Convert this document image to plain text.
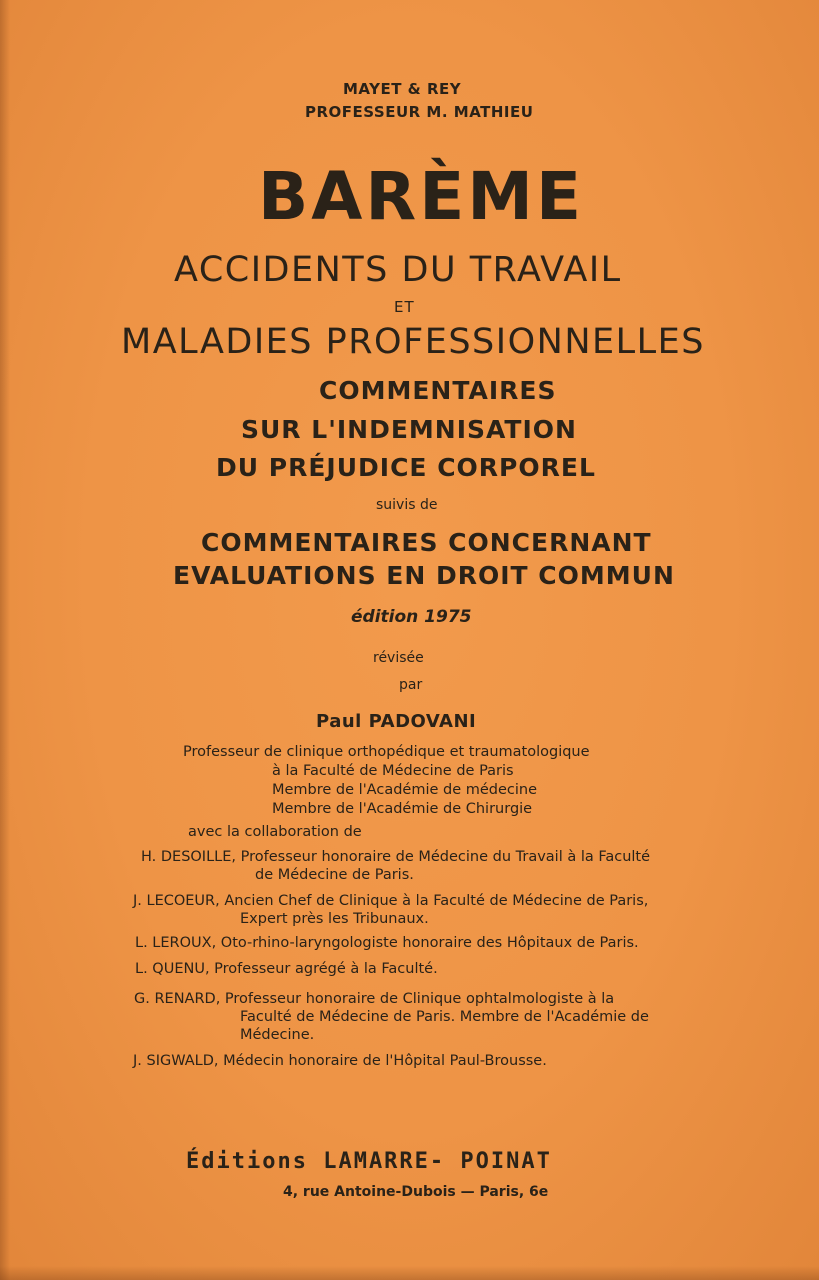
MAYET & REY
PROFESSEUR M. MATHIEU
BARÈME
ACCIDENTS DU TRAVAIL
ET
MALADIES PROFESSIONNELLES
COMMENTAIRES
SUR L'INDEMNISATION
DU PRÉJUDICE CORPOREL
suivis de
COMMENTAIRES CONCERNANT
EVALUATIONS EN DROIT COMMUN
édition 1975
révisée
par
Paul PADOVANI
Professeur de clinique orthopédique et traumatologique
à la Faculté de Médecine de Paris
Membre de l'Académie de médecine
Membre de l'Académie de Chirurgie
avec la collaboration de
H. DESOILLE, Professeur honoraire de Médecine du Travail à la Faculté
de Médecine de Paris.
J. LECOEUR, Ancien Chef de Clinique à la Faculté de Médecine de Paris,
Expert près les Tribunaux.
L. LEROUX, Oto-rhino-laryngologiste honoraire des Hôpitaux de Paris.
L. QUENU, Professeur agrégé à la Faculté.
G. RENARD, Professeur honoraire de Clinique ophtalmologiste à la
Faculté de Médecine de Paris. Membre de l'Académie de
Médecine.
J. SIGWALD, Médecin honoraire de l'Hôpital Paul-Brousse.
Éditions LAMARRE- POINAT
4, rue Antoine-Dubois — Paris, 6e
